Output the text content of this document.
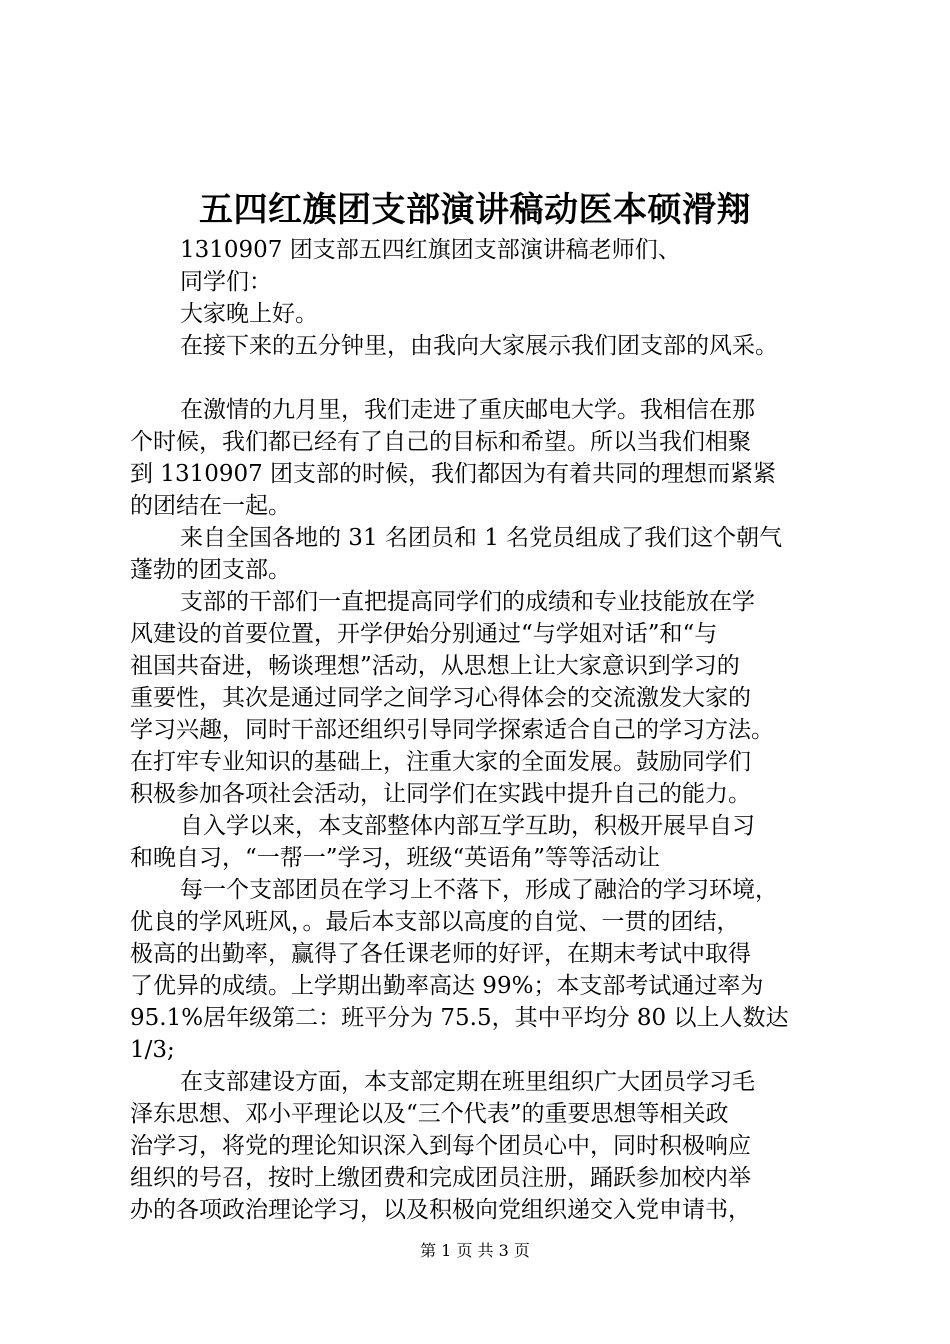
五四红旗团支部演讲稿动医本硕滑翔

1310907 团支部五四红旗团支部演讲稿老师们、

同学们：

大家晚上好。

在接下来的五分钟里，由我向大家展示我们团支部的风采。

在激情的九月里，我们走进了重庆邮电大学。我相信在那

个时候，我们都已经有了自己的目标和希望。所以当我们相聚

到 1310907 团支部的时候，我们都因为有着共同的理想而紧紧

的团结在一起。

来自全国各地的 31 名团员和 1 名党员组成了我们这个朝气

蓬勃的团支部。

支部的干部们一直把提高同学们的成绩和专业技能放在学

风建设的首要位置，开学伊始分别通过“与学姐对话”和“与

祖国共奋进，畅谈理想”活动，从思想上让大家意识到学习的

重要性，其次是通过同学之间学习心得体会的交流激发大家的

学习兴趣，同时干部还组织引导同学探索适合自己的学习方法。

在打牢专业知识的基础上，注重大家的全面发展。鼓励同学们

积极参加各项社会活动，让同学们在实践中提升自己的能力。

自入学以来，本支部整体内部互学互助，积极开展早自习

和晚自习，“一帮一”学习，班级“英语角”等等活动让

每一个支部团员在学习上不落下，形成了融洽的学习环境，

优良的学风班风，。最后本支部以高度的自觉、一贯的团结，

极高的出勤率，赢得了各任课老师的好评，在期末考试中取得

了优异的成绩。上学期出勤率高达 99%；本支部考试通过率为

95.1%居年级第二：班平分为 75.5，其中平均分 80 以上人数达

1/3;

在支部建设方面，本支部定期在班里组织广大团员学习毛

泽东思想、邓小平理论以及“三个代表”的重要思想等相关政

治学习，将党的理论知识深入到每个团员心中，同时积极响应

组织的号召，按时上缴团费和完成团员注册，踊跃参加校内举

办的各项政治理论学习，以及积极向党组织递交入党申请书，

第 1 页 共 3 页
